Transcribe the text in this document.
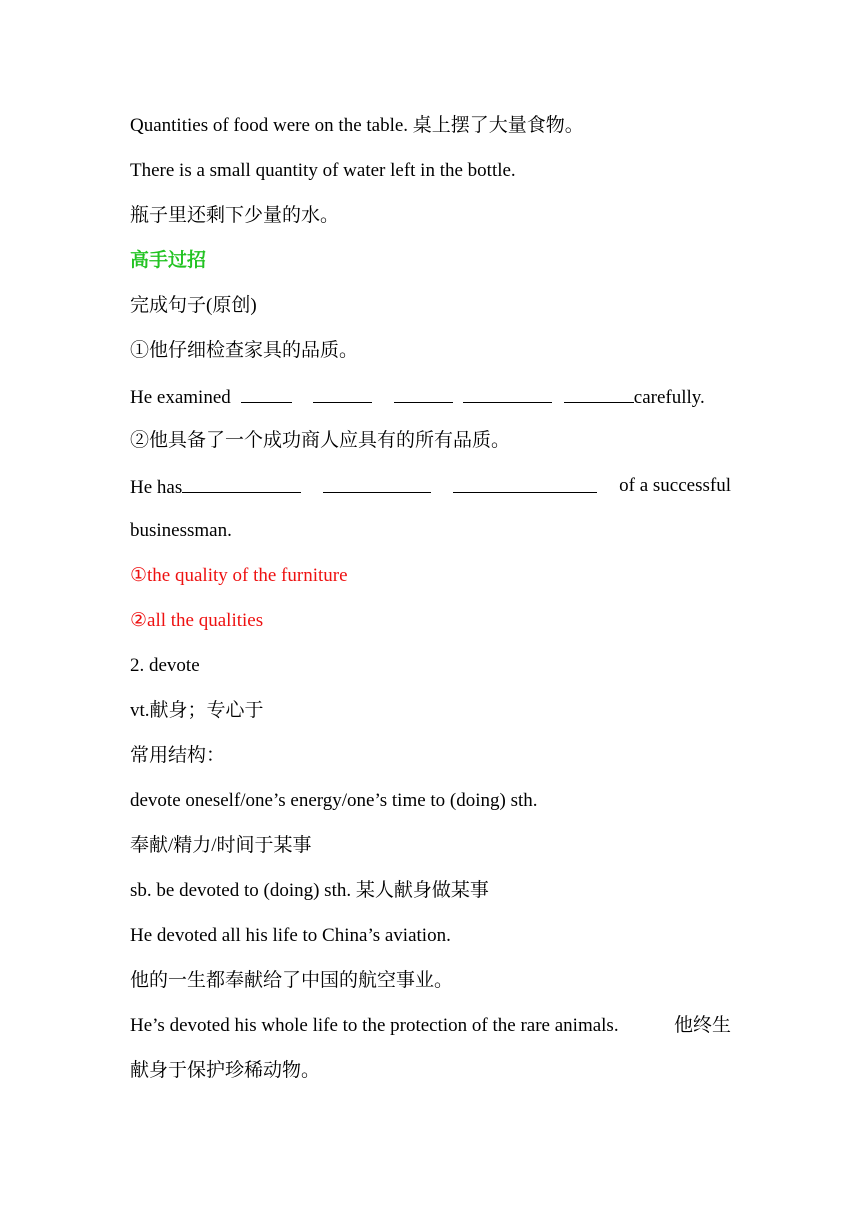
Quantities of food were on the table. 桌上摆了大量食物。
There is a small quantity of water left in the bottle.
瓶子里还剩下少量的水。
高手过招
完成句子(原创)
①他仔细检查家具的品质。
He examined	carefully.
②他具备了一个成功商人应具有的所有品质。
He has	of a successful
businessman.
①the quality of the furniture
②all the qualities
2. devote
vt.献身；专心于
常用结构：
devote oneself/one’s energy/one’s time to (doing) sth.
奉献/精力/时间于某事
sb. be devoted to (doing) sth. 某人献身做某事
He devoted all his life to China’s aviation.
他的一生都奉献给了中国的航空事业。
He’s devoted his whole life to the protection of the rare animals.	他终生
献身于保护珍稀动物。
